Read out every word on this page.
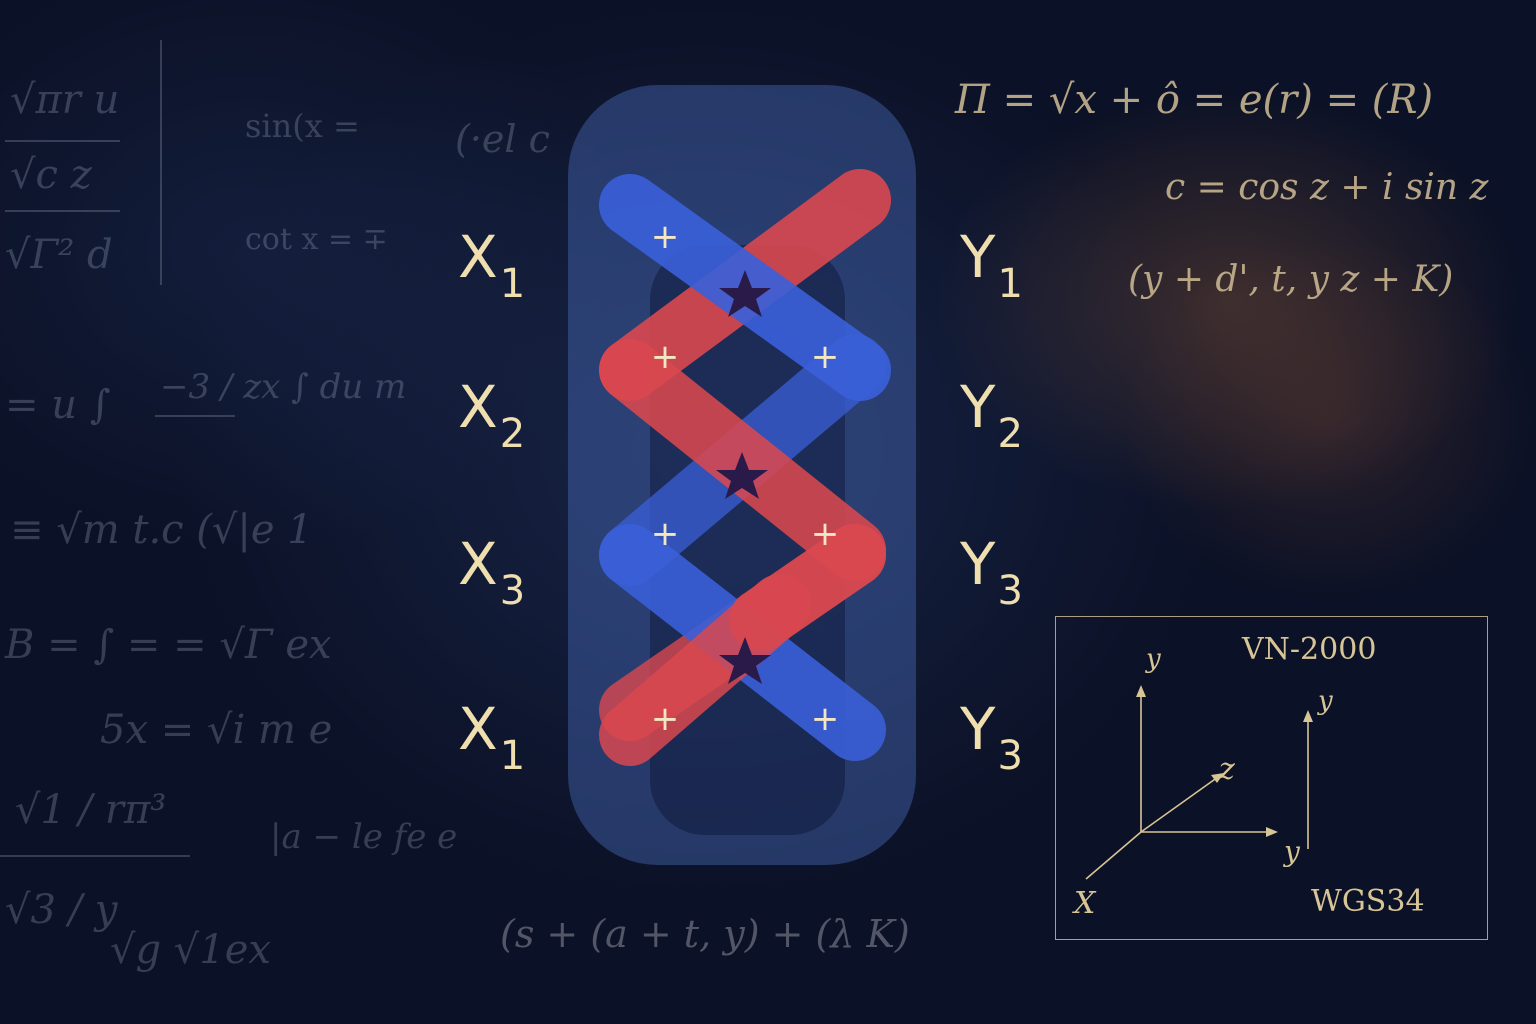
√πr u
√c z
√Γ² d
sin(x =
cot x = ∓
(·el c
= u ∫ −3 / zx ∫ du m
≡ √m t.c (√|e 1
B = ∫ = = √Γ ex
5x = √i m e
√1 / rπ³
|a − le fe e
√3 / y
√g √1ex
Π = √x + ô = e(r) = (R)
c = cos z + i sin z
(y + d', t, y z + K)
(s + (a + t, y) + (λ K)
+
+	+
+	+
+	+
$X_1$
$X_2$
$X_3$
$X_1$
$Y_1$
$Y_2$
$Y_3$
$Y_3$
VN-2000
WGS34
y
z
X
y
y
